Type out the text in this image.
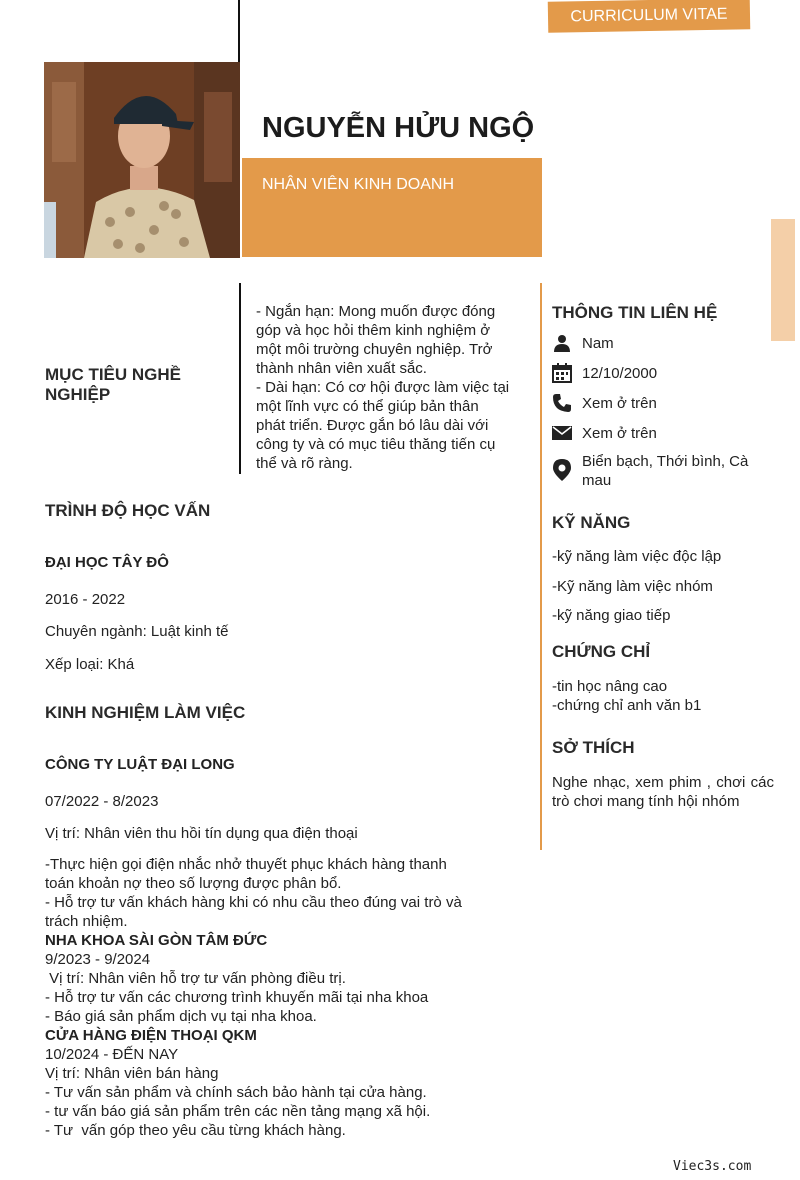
CURRICULUM VITAE
NGUYỄN HỬU NGỘ
NHÂN VIÊN KINH DOANH
MỤC TIÊU NGHỀ NGHIỆP
- Ngắn hạn: Mong muốn được đóng
góp và học hỏi thêm kinh nghiệm ở
một môi trường chuyên nghiệp. Trở
thành nhân viên xuất sắc.
- Dài hạn: Có cơ hội được làm việc tại
một lĩnh vực có thể giúp bản thân
phát triển. Được gắn bó lâu dài với
công ty và có mục tiêu thăng tiến cụ
thể và rõ ràng.
TRÌNH ĐỘ HỌC VẤN
ĐẠI HỌC TÂY ĐÔ
2016 - 2022
Chuyên ngành: Luật kinh tế
Xếp loại: Khá
KINH NGHIỆM LÀM VIỆC
CÔNG TY LUẬT ĐẠI LONG
07/2022 - 8/2023
Vị trí: Nhân viên thu hồi tín dụng qua điện thoại
-Thực hiện gọi điện nhắc nhở thuyết phục khách hàng thanh
toán khoản nợ theo số lượng được phân bổ.
- Hỗ trợ tư vấn khách hàng khi có nhu cầu theo đúng vai trò và
trách nhiệm.
NHA KHOA SÀI GÒN TÂM ĐỨC
9/2023 - 9/2024
Vị trí: Nhân viên hỗ trợ tư vấn phòng điều trị.
- Hỗ trợ tư vấn các chương trình khuyến mãi tại nha khoa
- Báo giá sản phẩm dịch vụ tại nha khoa.
CỬA HÀNG ĐIỆN THOẠI QKM
10/2024 - ĐẾN NAY
Vị trí: Nhân viên bán hàng
- Tư vấn sản phẩm và chính sách bảo hành tại cửa hàng.
- tư vấn báo giá sản phẩm trên các nền tảng mạng xã hội.
- Tư  vấn góp theo yêu cầu từng khách hàng.
THÔNG TIN LIÊN HỆ
Nam
12/10/2000
Xem ở trên
Xem ở trên
Biển bạch, Thới bình, Cà mau
KỸ NĂNG
-kỹ năng làm việc độc lập
-Kỹ năng làm việc nhóm
-kỹ năng giao tiếp
CHỨNG CHỈ
-tin học nâng cao
-chứng chỉ anh văn b1
SỞ THÍCH
Nghe nhạc, xem phim , chơi các trò chơi mang tính hội nhóm
Viec3s.com
